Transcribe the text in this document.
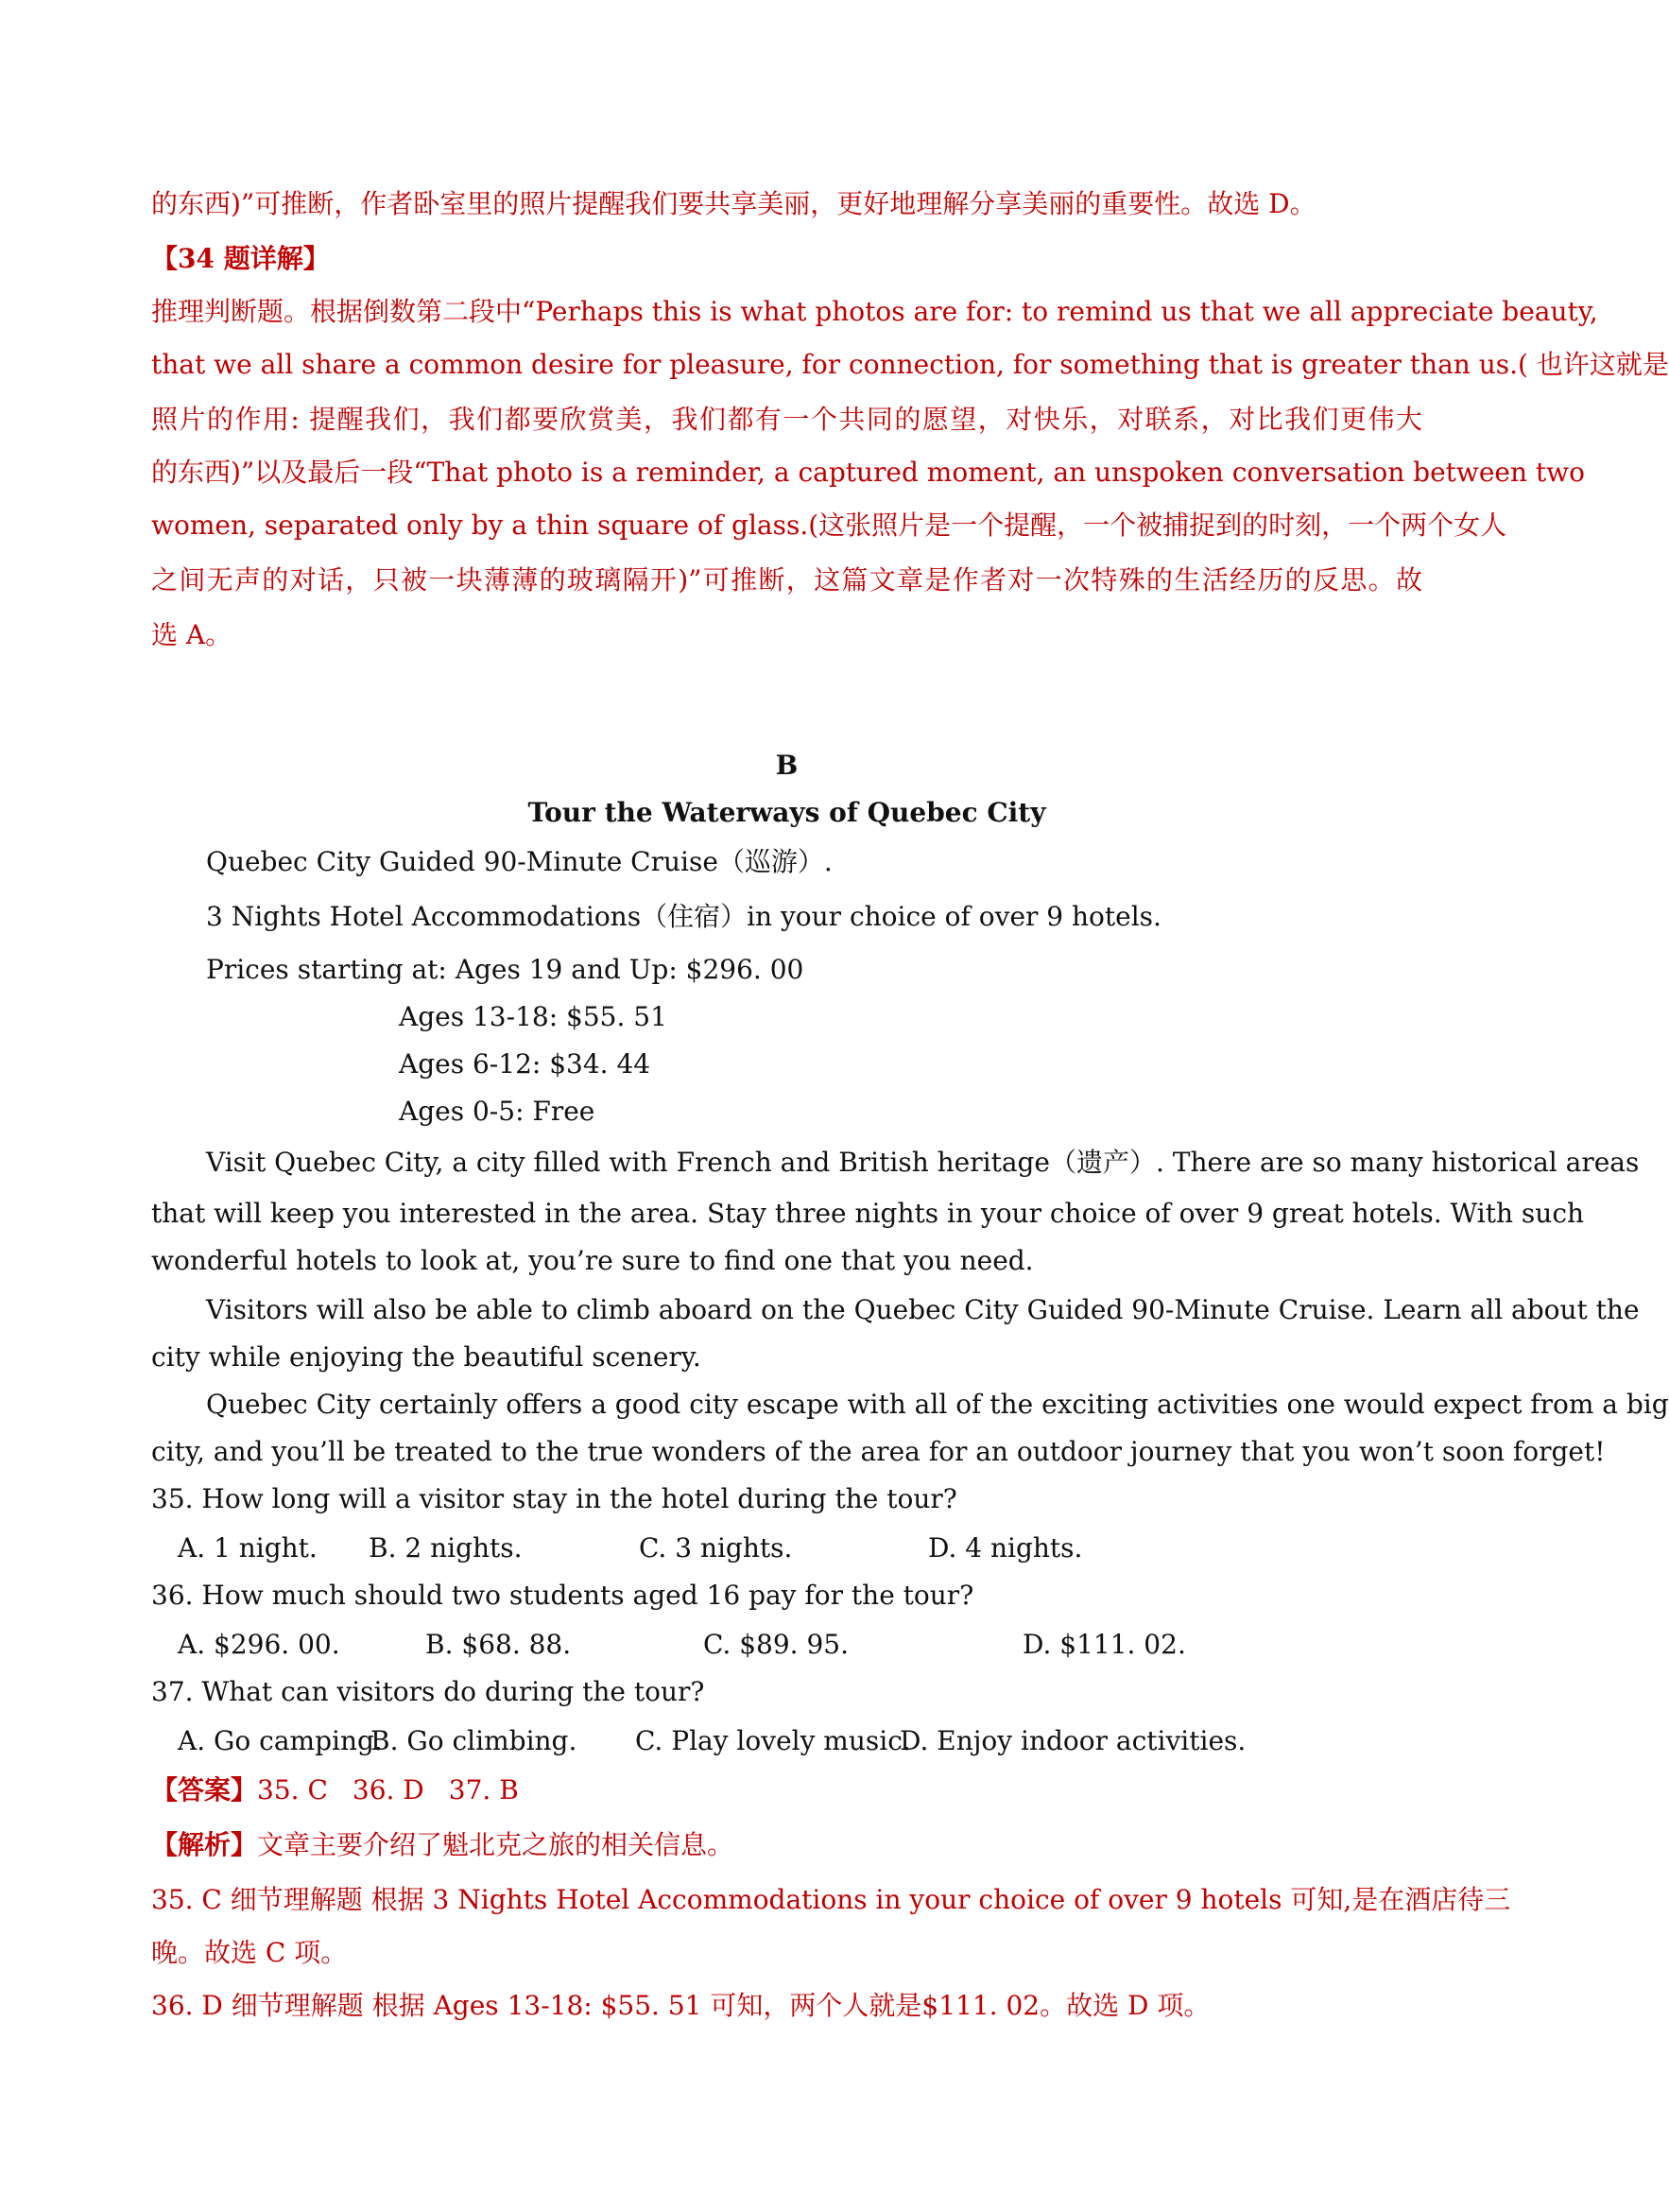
的东西)”可推断，作者卧室里的照片提醒我们要共享美丽，更好地理解分享美丽的重要性。故选 D。
【34 题详解】
推理判断题。根据倒数第二段中“Perhaps this is what photos are for: to remind us that we all appreciate beauty,
that we all share a common desire for pleasure, for connection, for something that is greater than us.( 也许这就是
照片的作用: 提醒我们，我们都要欣赏美，我们都有一个共同的愿望，对快乐，对联系，对比我们更伟大
的东西)”以及最后一段“That photo is a reminder, a captured moment, an unspoken conversation between two
women, separated only by a thin square of glass.(这张照片是一个提醒，一个被捕捉到的时刻，一个两个女人
之间无声的对话，只被一块薄薄的玻璃隔开)”可推断，这篇文章是作者对一次特殊的生活经历的反思。故
选 A。
B
Tour the Waterways of Quebec City
Quebec City Guided 90-Minute Cruise（巡游）.
3 Nights Hotel Accommodations（住宿）in your choice of over 9 hotels.
Prices starting at: Ages 19 and Up: $296. 00
Ages 13-18: $55. 51
Ages 6-12: $34. 44
Ages 0-5: Free
Visit Quebec City, a city filled with French and British heritage（遗产）. There are so many historical areas
that will keep you interested in the area. Stay three nights in your choice of over 9 great hotels. With such
wonderful hotels to look at, you’re sure to find one that you need.
Visitors will also be able to climb aboard on the Quebec City Guided 90-Minute Cruise. Learn all about the
city while enjoying the beautiful scenery.
Quebec City certainly offers a good city escape with all of the exciting activities one would expect from a big
city, and you’ll be treated to the true wonders of the area for an outdoor journey that you won’t soon forget!
35. How long will a visitor stay in the hotel during the tour?
A. 1 night. B. 2 nights.	C. 3 nights.	D. 4 nights.
36. How much should two students aged 16 pay for the tour?
A. $296. 00.	B. $68. 88.	C. $89. 95.	D. $111. 02.
37. What can visitors do during the tour?
A. Go camping.
B. Go climbing. C. Play lovely music.
D. Enjoy indoor activities.
【答案】35. C 36. D 37. B
【解析】文章主要介绍了魁北克之旅的相关信息。
35. C 细节理解题 根据 3 Nights Hotel Accommodations in your choice of over 9 hotels 可知,是在酒店待三
晚。故选 C 项。
36. D 细节理解题 根据 Ages 13-18: $55. 51 可知，两个人就是$111. 02。故选 D 项。
